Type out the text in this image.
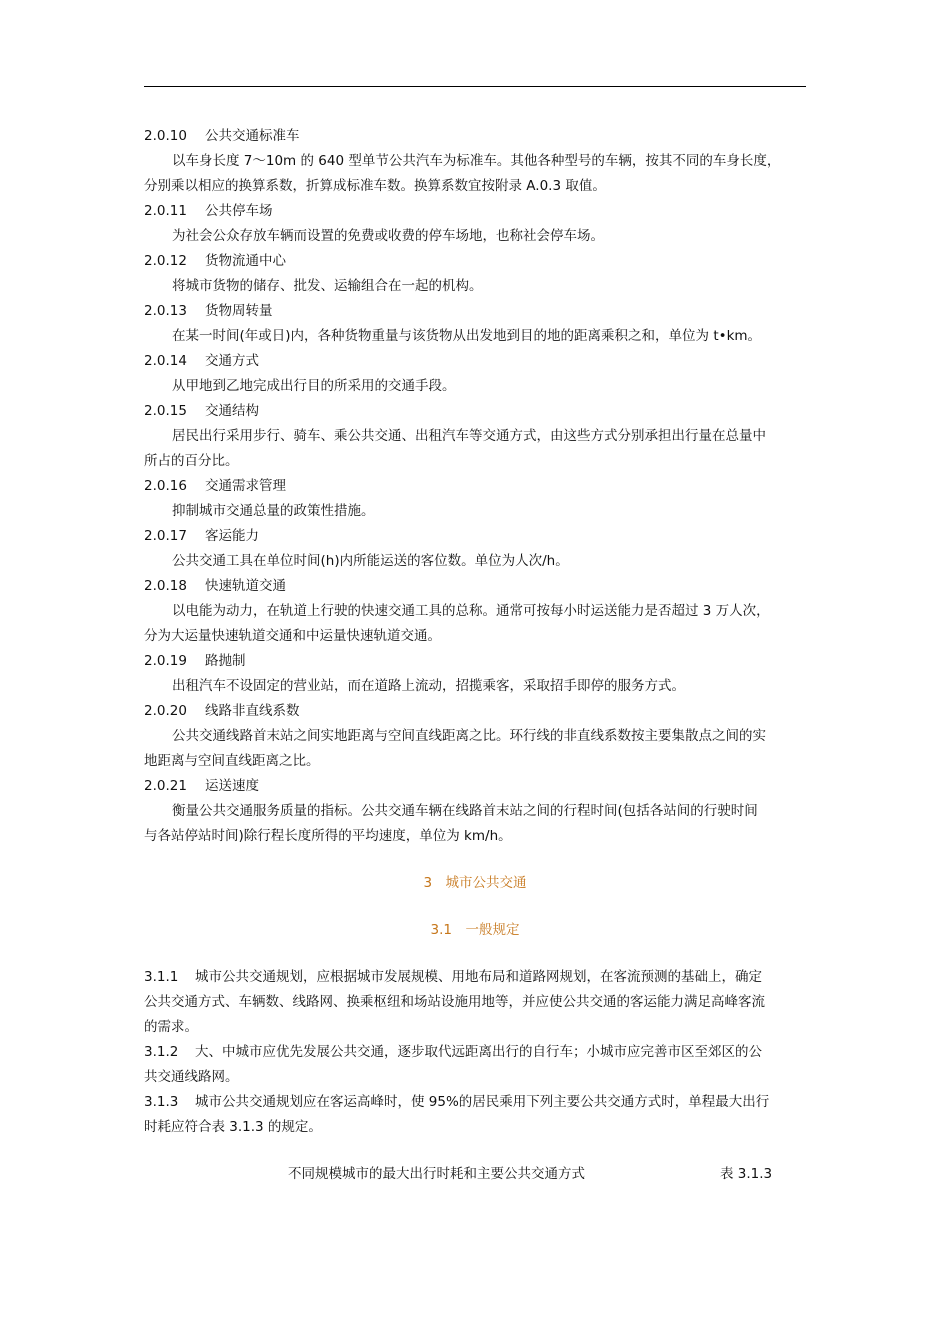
2.0.10 公共交通标准车
以车身长度 7～10m 的 640 型单节公共汽车为标准车。其他各种型号的车辆，按其不同的车身长度，
分别乘以相应的换算系数，折算成标准车数。换算系数宜按附录 A.0.3 取值。
2.0.11 公共停车场
为社会公众存放车辆而设置的免费或收费的停车场地，也称社会停车场。
2.0.12 货物流通中心
将城市货物的储存、批发、运输组合在一起的机构。
2.0.13 货物周转量
在某一时间(年或日)内，各种货物重量与该货物从出发地到目的地的距离乘积之和，单位为 t•km。
2.0.14 交通方式
从甲地到乙地完成出行目的所采用的交通手段。
2.0.15 交通结构
居民出行采用步行、骑车、乘公共交通、出租汽车等交通方式，由这些方式分别承担出行量在总量中
所占的百分比。
2.0.16 交通需求管理
抑制城市交通总量的政策性措施。
2.0.17 客运能力
公共交通工具在单位时间(h)内所能运送的客位数。单位为人次/h。
2.0.18 快速轨道交通
以电能为动力，在轨道上行驶的快速交通工具的总称。通常可按每小时运送能力是否超过 3 万人次，
分为大运量快速轨道交通和中运量快速轨道交通。
2.0.19 路抛制
出租汽车不设固定的营业站，而在道路上流动，招揽乘客，采取招手即停的服务方式。
2.0.20 线路非直线系数
公共交通线路首末站之间实地距离与空间直线距离之比。环行线的非直线系数按主要集散点之间的实
地距离与空间直线距离之比。
2.0.21 运送速度
衡量公共交通服务质量的指标。公共交通车辆在线路首末站之间的行程时间(包括各站间的行驶时间
与各站停站时间)除行程长度所得的平均速度，单位为 km/h。
3  城市公共交通
3.1  一般规定
3.1.1 城市公共交通规划，应根据城市发展规模、用地布局和道路网规划，在客流预测的基础上，确定
公共交通方式、车辆数、线路网、换乘枢纽和场站设施用地等，并应使公共交通的客运能力满足高峰客流
的需求。
3.1.2 大、中城市应优先发展公共交通，逐步取代远距离出行的自行车；小城市应完善市区至郊区的公
共交通线路网。
3.1.3 城市公共交通规划应在客运高峰时，使 95%的居民乘用下列主要公共交通方式时，单程最大出行
时耗应符合表 3.1.3 的规定。
不同规模城市的最大出行时耗和主要公共交通方式	表 3.1.3
